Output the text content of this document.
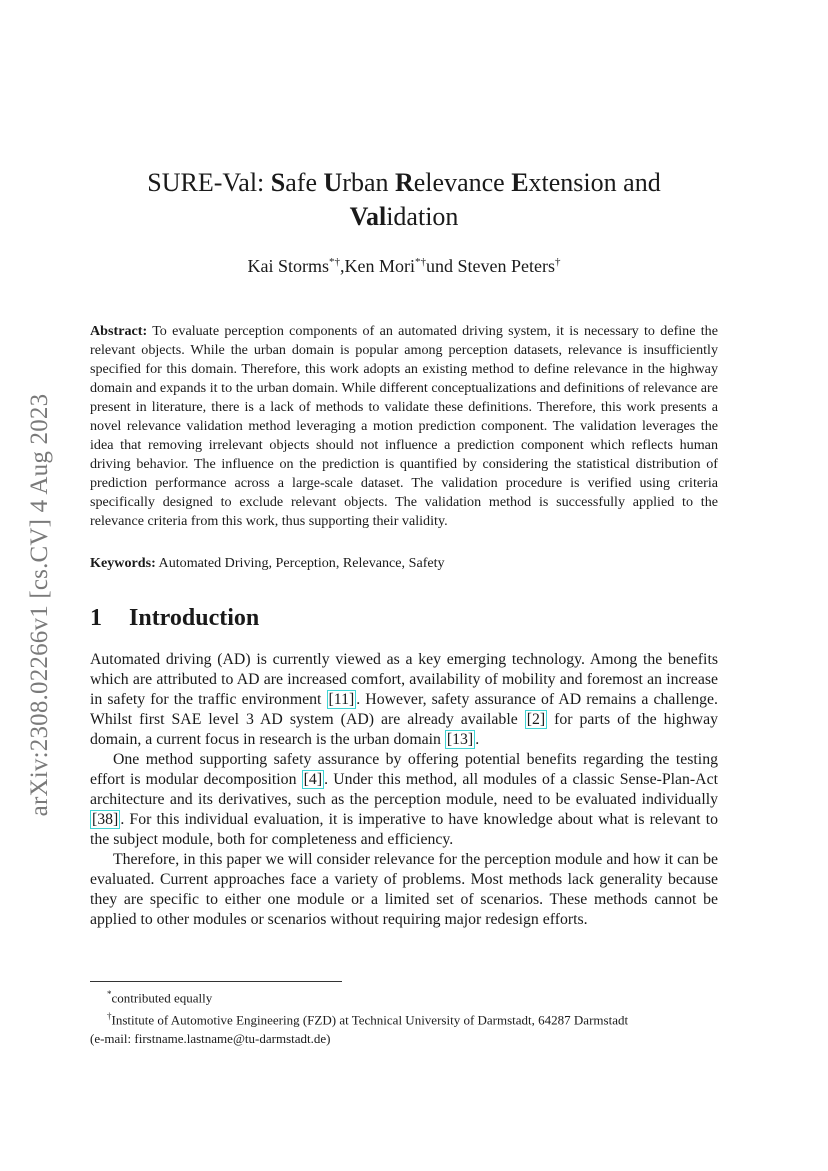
arXiv:2308.02266v1 [cs.CV] 4 Aug 2023
SURE-Val: Safe Urban Relevance Extension and
Validation
Kai Storms*†,Ken Mori*†und Steven Peters†
Abstract: To evaluate perception components of an automated driving system, it is necessary to define the relevant objects. While the urban domain is popular among perception datasets, relevance is insufficiently specified for this domain. Therefore, this work adopts an existing method to define relevance in the highway domain and expands it to the urban domain. While different conceptualizations and definitions of relevance are present in literature, there is a lack of methods to validate these definitions. Therefore, this work presents a novel relevance validation method leveraging a motion prediction component. The validation leverages the idea that removing irrelevant objects should not influence a prediction component which reflects human driving behavior. The influence on the prediction is quantified by considering the statistical distribution of prediction performance across a large-scale dataset. The validation procedure is verified using criteria specifically designed to exclude relevant objects. The validation method is successfully applied to the relevance criteria from this work, thus supporting their validity.
Keywords: Automated Driving, Perception, Relevance, Safety
1 Introduction

Automated driving (AD) is currently viewed as a key emerging technology. Among the benefits which are attributed to AD are increased comfort, availability of mobility and foremost an increase in safety for the traffic environment [11] . However, safety assurance of AD remains a challenge. Whilst first SAE level 3 AD system (AD) are already available [2] for parts of the highway domain, a current focus in research is the urban domain [13] .

One method supporting safety assurance by offering potential benefits regarding the testing effort is modular decomposition [4] . Under this method, all modules of a classic Sense-Plan-Act architecture and its derivatives, such as the perception module, need to be evaluated individually [38] . For this individual evaluation, it is imperative to have knowledge about what is relevant to the subject module, both for completeness and efficiency.

Therefore, in this paper we will consider relevance for the perception module and how it can be evaluated. Current approaches face a variety of problems. Most methods lack generality because they are specific to either one module or a limited set of scenarios. These methods cannot be applied to other modules or scenarios without requiring major redesign efforts.

*contributed equally
†Institute of Automotive Engineering (FZD) at Technical University of Darmstadt, 64287 Darmstadt
(e-mail: firstname.lastname@tu-darmstadt.de)
